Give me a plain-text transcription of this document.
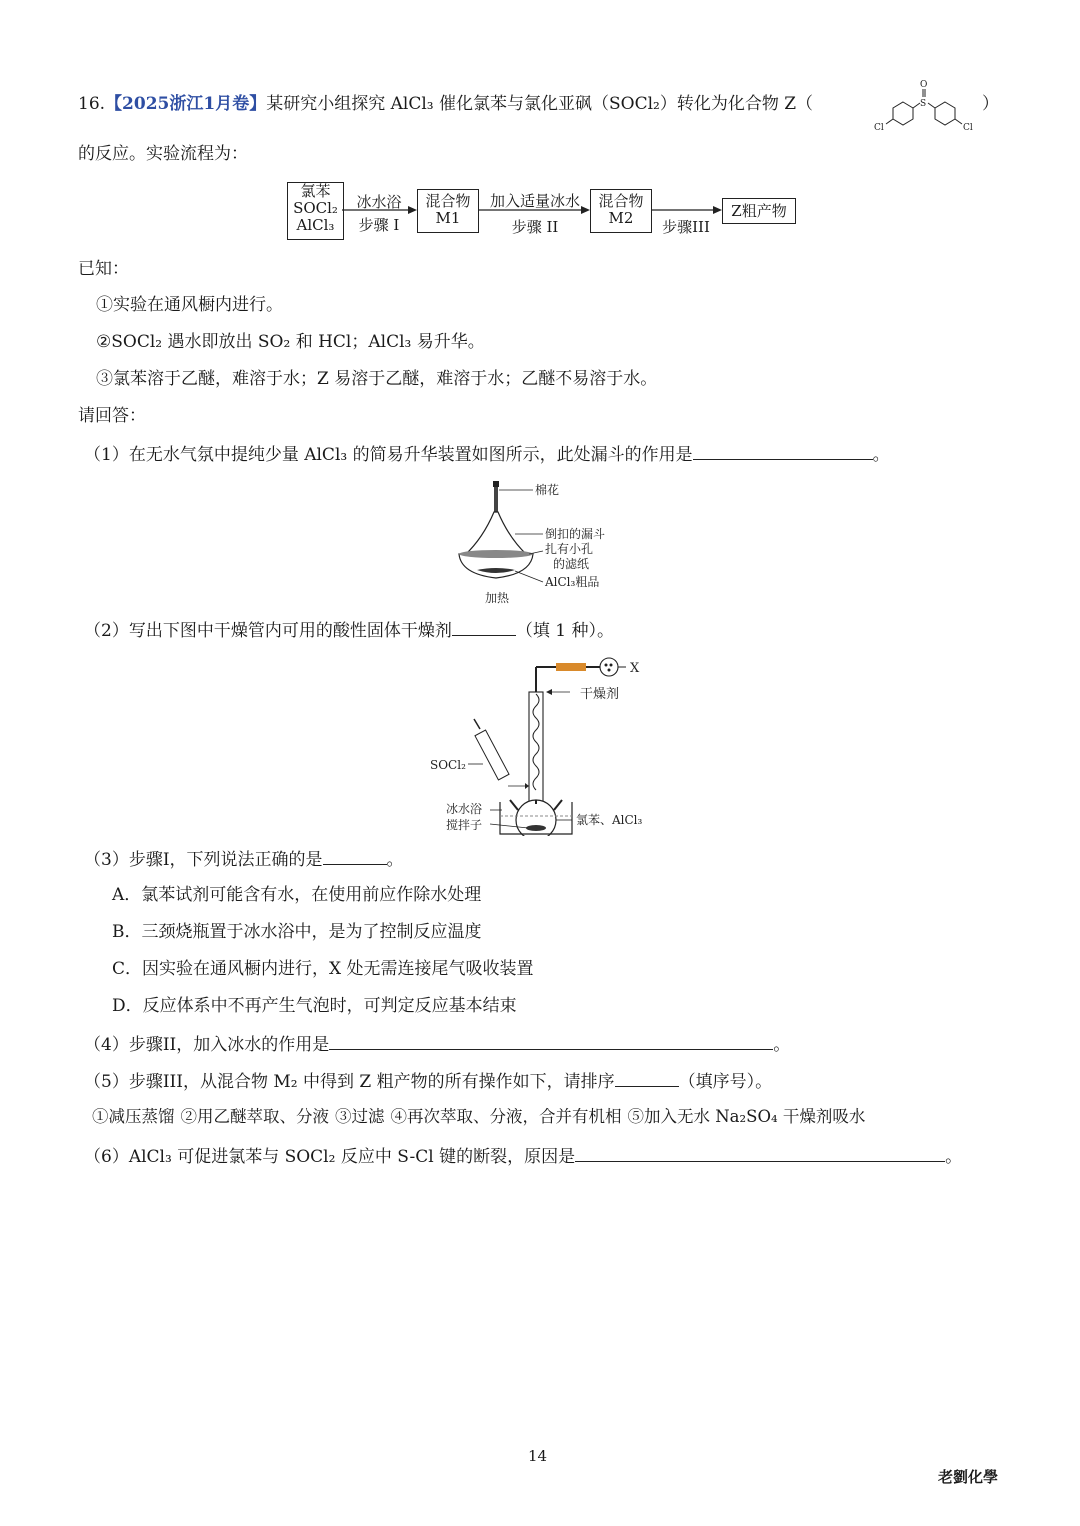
16.【2025浙江1月卷】某研究小组探究 AlCl₃ 催化氯苯与氯化亚砜（SOCl₂）转化为化合物 Z（
O
S
Cl	Cl
）
的反应。实验流程为：
氯苯
SOCl₂
AlCl₃
冰水浴
步骤 I
混合物
M1
加入适量冰水
步骤 II
混合物
M2	步骤III
Z粗产物
已知：
①实验在通风橱内进行。
②SOCl₂ 遇水即放出 SO₂ 和 HCl；AlCl₃ 易升华。
③氯苯溶于乙醚，难溶于水；Z 易溶于乙醚，难溶于水；乙醚不易溶于水。
请回答：
（1）在无水气氛中提纯少量 AlCl₃ 的简易升华装置如图所示，此处漏斗的作用是	。
棉花
倒扣的漏斗
扎有小孔
的滤纸
AlCl₃粗品
加热
（2）写出下图中干燥管内可用的酸性固体干燥剂	（填 1 种）。
X
干燥剂
SOCl₂
冰水浴
搅拌子	氯苯、AlCl₃
（3）步骤I，下列说法正确的是	。
A．氯苯试剂可能含有水，在使用前应作除水处理
B．三颈烧瓶置于冰水浴中，是为了控制反应温度
C．因实验在通风橱内进行，X 处无需连接尾气吸收装置
D．反应体系中不再产生气泡时，可判定反应基本结束
（4）步骤II，加入冰水的作用是	。
（5）步骤III，从混合物 M₂ 中得到 Z 粗产物的所有操作如下，请排序	（填序号）。
①减压蒸馏 ②用乙醚萃取、分液 ③过滤 ④再次萃取、分液，合并有机相 ⑤加入无水 Na₂SO₄ 干燥剂吸水
（6）AlCl₃ 可促进氯苯与 SOCl₂ 反应中 S-Cl 键的断裂，原因是	。
14
老劉化學
